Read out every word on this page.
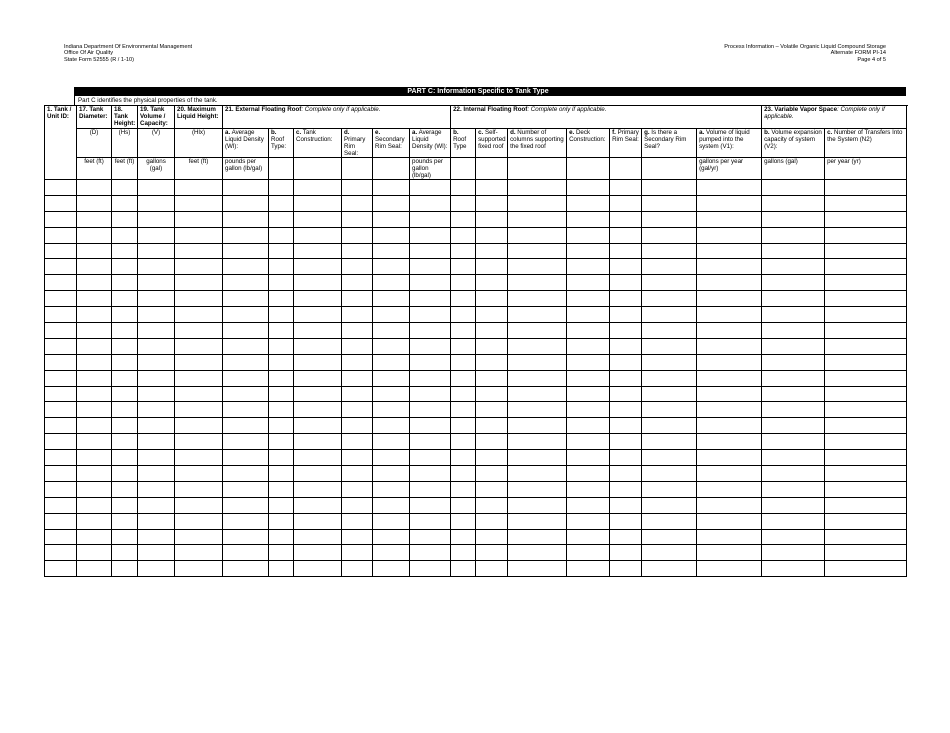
Indiana Department Of Environmental Management
Office Of Air Quality
State Form 52555 (R / 1-10)
Process Information – Volatile Organic Liquid Compound Storage
Alternate FORM PI-14
Page 4 of 5
PART C: Information Specific to Tank Type
Part C identifies the physical properties of the tank.
1. Tank / Unit ID:	17. Tank Diameter:	18. Tank Height:	19. Tank Volume / Capacity:	20. Maximum Liquid Height:	21. External Floating Roof: Complete only if applicable.						22. Internal Floating Roof: Complete only if applicable.							23. Variable Vapor Space: Complete only if applicable.	
	(D)	(Hs)	(V)	(Hlx)	a. Average Liquid Density (Wl):	b. Roof Type:	c. Tank Construction:	d. Primary Rim Seal:	e. Secondary Rim Seal:	a. Average Liquid Density (Wl):	b. Roof Type	c. Self-supported fixed roof	d. Number of columns supporting the fixed roof	e. Deck Construction:	f. Primary Rim Seal:	g. Is there a Secondary Rim Seal?	a. Volume of liquid pumped into the system (V1):	b. Volume expansion capacity of system (V2):	c. Number of Transfers Into the System (N2)
	feet (ft)	feet (ft)	gallons (gal)	feet (ft)	pounds per gallon (lb/gal)					pounds per gallon (lb/gal)							gallons per year (gal/yr)	gallons (gal)	per year (yr)
